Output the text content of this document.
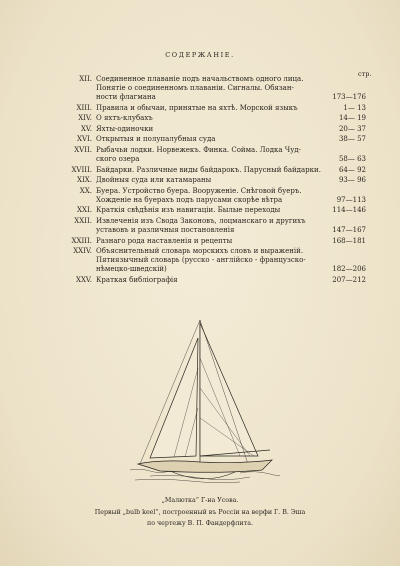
СОДЕРЖАНІЕ.
стр.
XII. Соединенное плаваніе подъ начальствомъ одного лица.
Понятіе о соединенномъ плаваніи. Сигналы. Обязан-
ности флагмана	173—176
XIII. Правила и обычаи, принятые на яхтѣ. Морской языкъ	1— 13
XIV. О яхтъ-клубахъ	14— 19
XV. Яхты-одиночки	20— 37
XVI. Открытыя и полупалубныя суда	38— 57
XVII. Рыбачьи лодки. Норвежекъ. Финка. Сойма. Лодка Чуд-
ского озера	58— 63
XVIII. Байдарки. Различные виды байдарокъ. Парусный байдарки.	64— 92
XIX. Двойныя суда или катамараны	93— 96
XX. Буера. Устройство буера. Вооруженіе. Снѣговой буеръ.
Хожденіе на буерахъ подъ парусами скорѣе вѣтра	97—113
XXI. Краткія свѣдѣнія изъ навигаціи. Былые переходы	114—146
XXII. Извлеченія изъ Свода Законовъ, лоцманскаго и другихъ
уставовъ и различныя постановленія	147—167
XXIII. Разнаго рода наставленія и рецепты	168—181
XXIV. Объяснительный словарь морскихъ словъ и выраженій.
Пятиязычный словарь (русско - англійско - французско-
нѣмецко-шведскій)	182—206
XXV. Краткая библіографія	207—212
„Малютка“ Г-на Усова.
Первый „bulb keel“, построенный въ Россіи на верфи Г. В. Эша
по чертежу В. П. Фандерфлита.
